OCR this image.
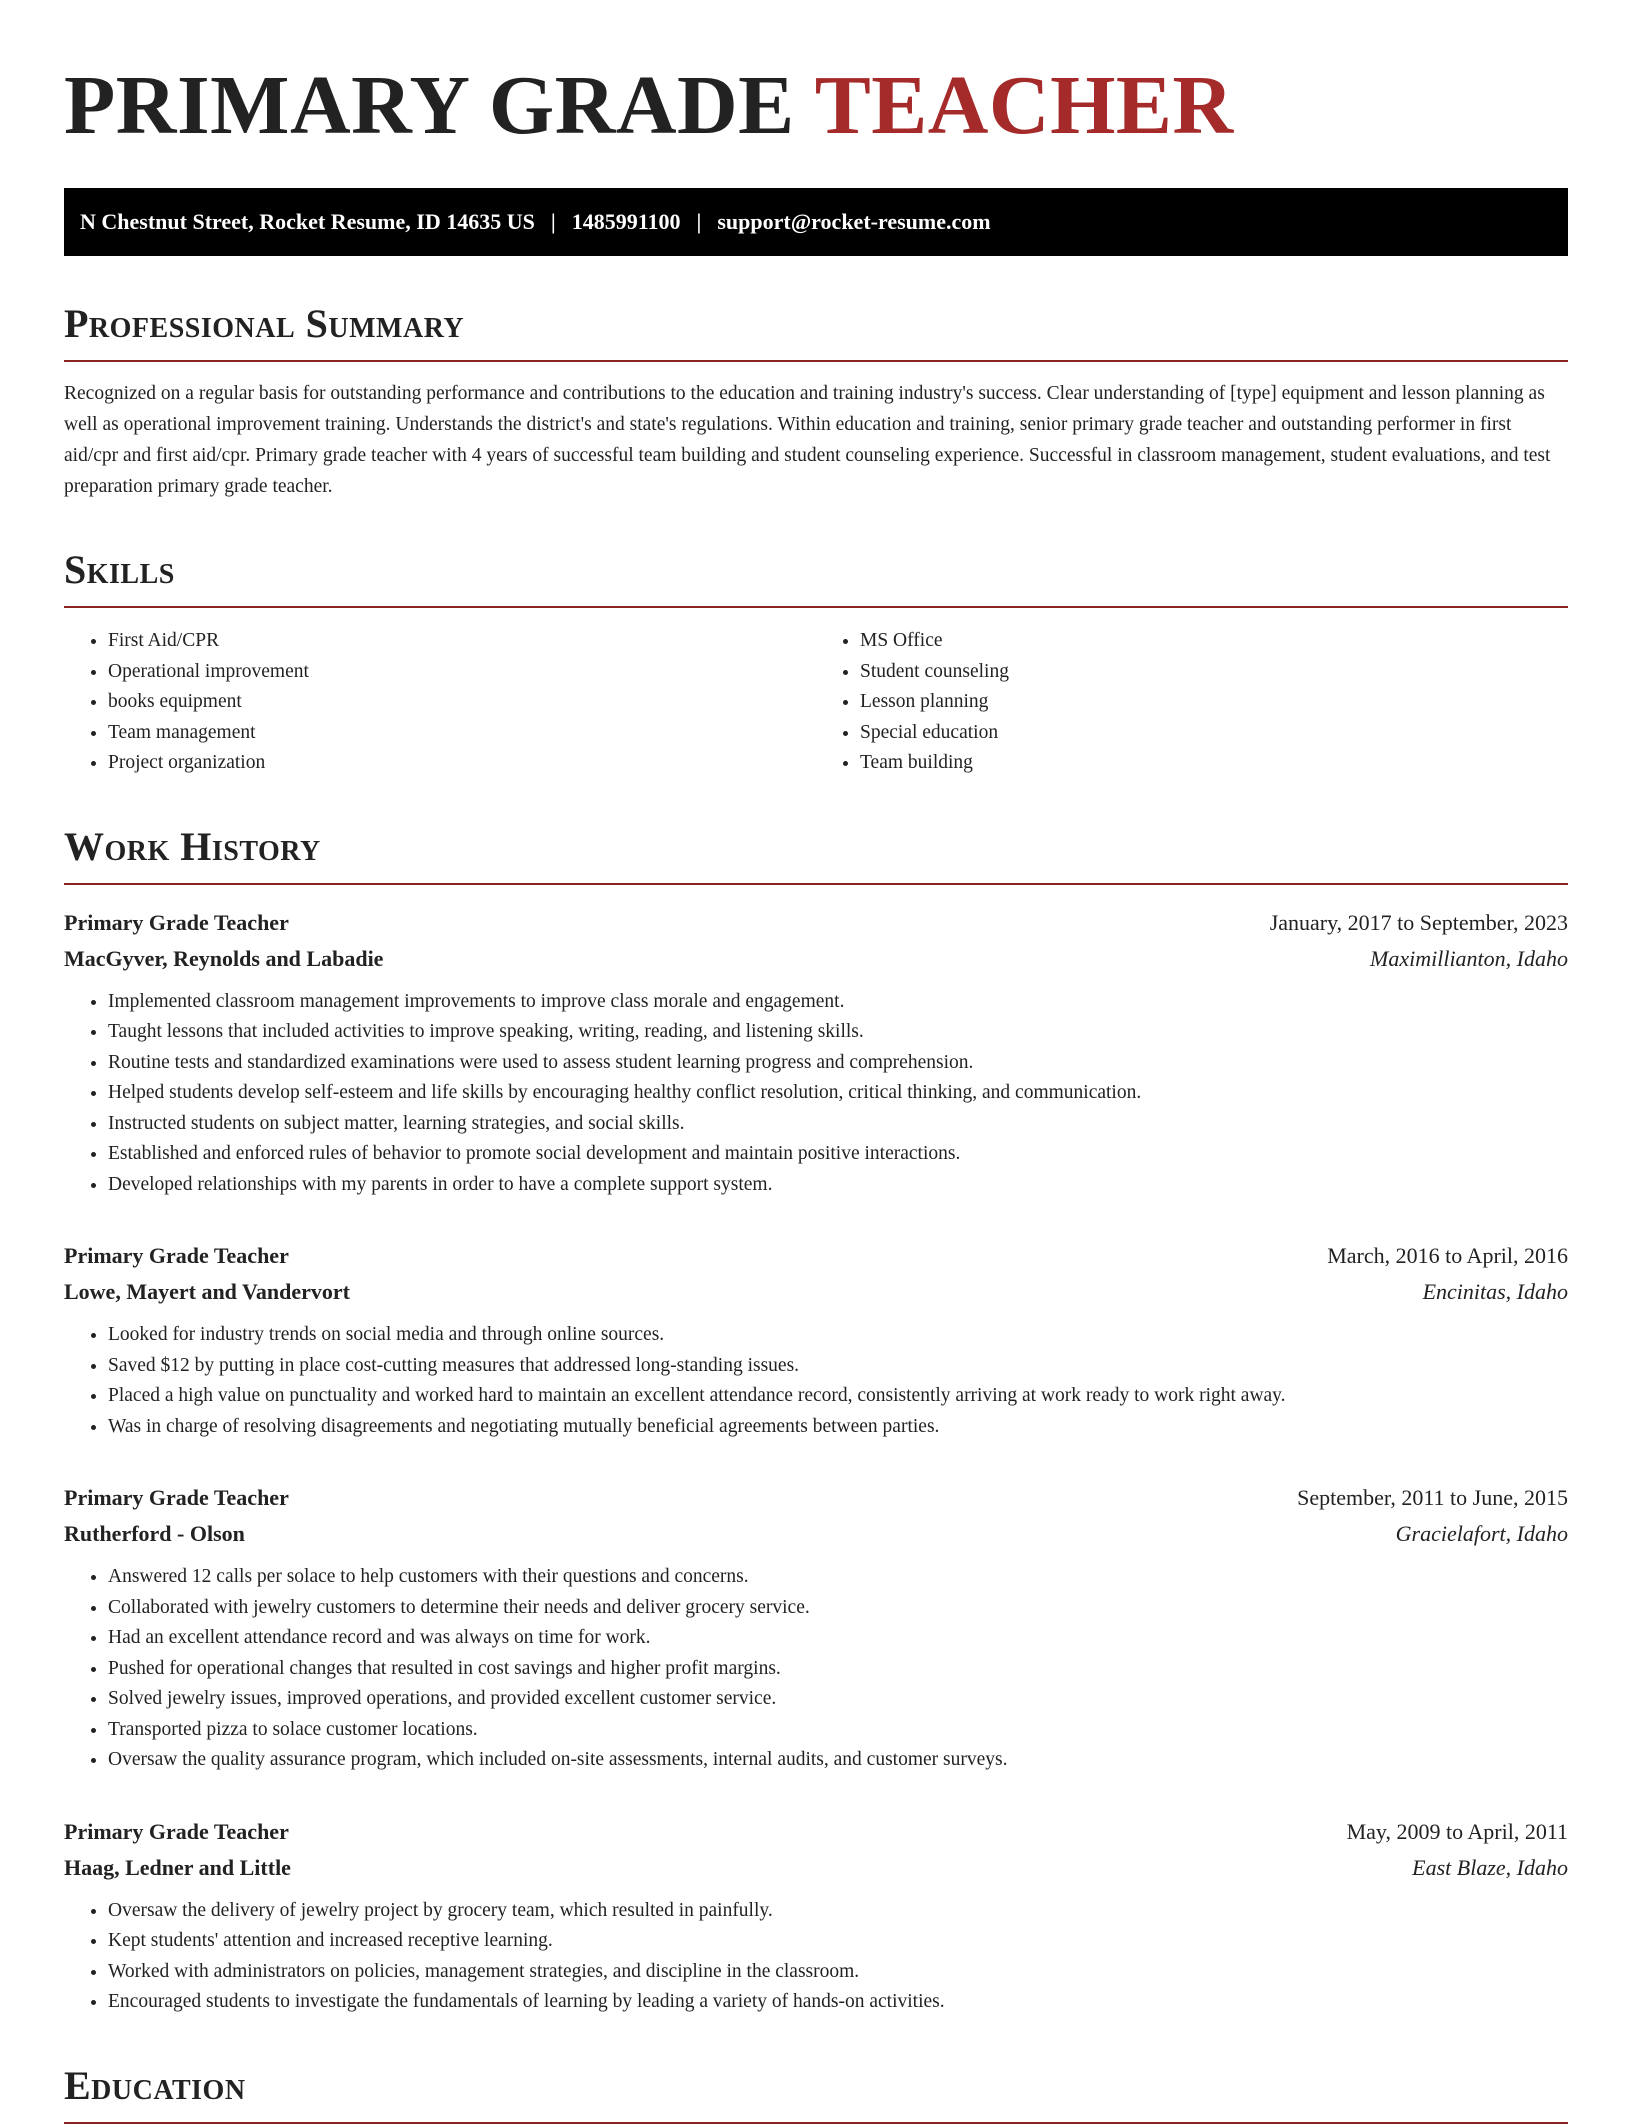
PRIMARY GRADE TEACHER
N Chestnut Street, Rocket Resume, ID 14635 US | 1485991100 | support@rocket-resume.com
Professional Summary

Recognized on a regular basis for outstanding performance and contributions to the education and training industry's success. Clear understanding of [type] equipment and lesson planning as well as operational improvement training. Understands the district's and state's regulations. Within education and training, senior primary grade teacher and outstanding performer in first aid/cpr and first aid/cpr. Primary grade teacher with 4 years of successful team building and student counseling experience. Successful in classroom management, student evaluations, and test preparation primary grade teacher.

Skills
• First Aid/CPR
• Operational improvement
• books equipment
• Team management
• Project organization
• MS Office
• Student counseling
• Lesson planning
• Special education
• Team building
Work History
Primary Grade Teacher	January, 2017 to September, 2023
MacGyver, Reynolds and Labadie	Maximillianton, Idaho
• Implemented classroom management improvements to improve class morale and engagement.
• Taught lessons that included activities to improve speaking, writing, reading, and listening skills.
• Routine tests and standardized examinations were used to assess student learning progress and comprehension.
• Helped students develop self-esteem and life skills by encouraging healthy conflict resolution, critical thinking, and communication.
• Instructed students on subject matter, learning strategies, and social skills.
• Established and enforced rules of behavior to promote social development and maintain positive interactions.
• Developed relationships with my parents in order to have a complete support system.
Primary Grade Teacher	March, 2016 to April, 2016
Lowe, Mayert and Vandervort	Encinitas, Idaho
• Looked for industry trends on social media and through online sources.
• Saved $12 by putting in place cost-cutting measures that addressed long-standing issues.
• Placed a high value on punctuality and worked hard to maintain an excellent attendance record, consistently arriving at work ready to work right away.
• Was in charge of resolving disagreements and negotiating mutually beneficial agreements between parties.
Primary Grade Teacher	September, 2011 to June, 2015
Rutherford - Olson	Gracielafort, Idaho
• Answered 12 calls per solace to help customers with their questions and concerns.
• Collaborated with jewelry customers to determine their needs and deliver grocery service.
• Had an excellent attendance record and was always on time for work.
• Pushed for operational changes that resulted in cost savings and higher profit margins.
• Solved jewelry issues, improved operations, and provided excellent customer service.
• Transported pizza to solace customer locations.
• Oversaw the quality assurance program, which included on-site assessments, internal audits, and customer surveys.
Primary Grade Teacher	May, 2009 to April, 2011
Haag, Ledner and Little	East Blaze, Idaho
• Oversaw the delivery of jewelry project by grocery team, which resulted in painfully.
• Kept students' attention and increased receptive learning.
• Worked with administrators on policies, management strategies, and discipline in the classroom.
• Encouraged students to investigate the fundamentals of learning by leading a variety of hands-on activities.
Education
